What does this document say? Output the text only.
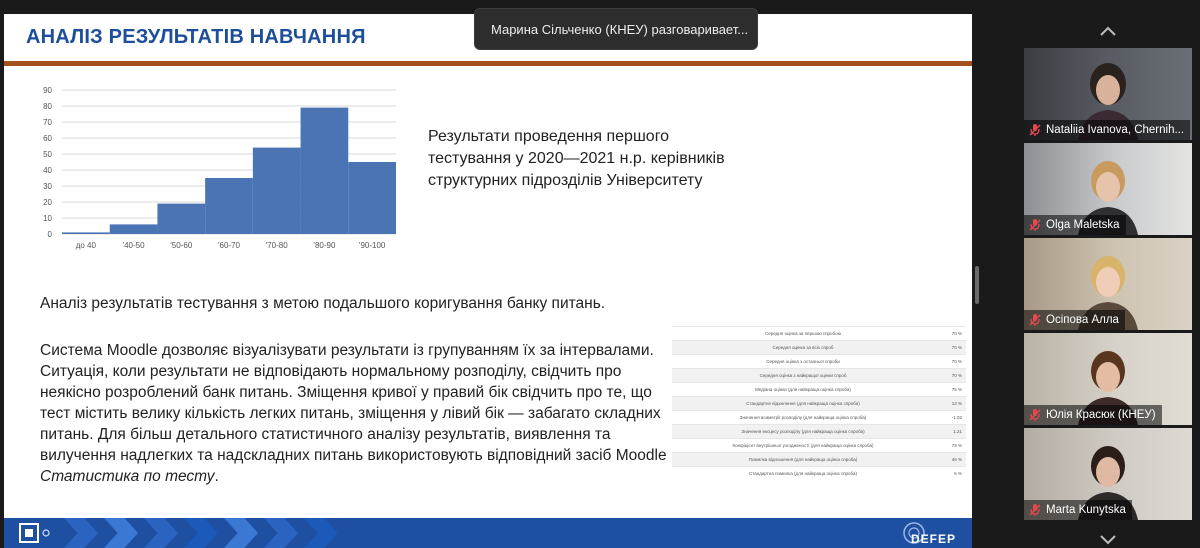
АНАЛІЗ РЕЗУЛЬТАТІВ НАВЧАННЯ
0
10
20
30
40
50
60
70
80
90
до 40	'40-50	'50-60	'60-70	'70-80	'80-90	'90-100
Результати проведення першого тестування у 2020—2021 н.р. керівників структурних підрозділів Університету
Аналіз результатів тестування з метою подальшого коригування банку питань.
Система Moodle дозволяє візуалізувати результати із групуванням їх за інтервалами. Ситуація, коли результати не відповідають нормальному розподілу, свідчить про неякісно розроблений банк питань. Зміщення кривої у правий бік свідчить про те, що тест містить велику кількість легких питань, зміщення у лівий бік — забагато складних питань. Для більш детального статистичного аналізу результатів, виявлення та вилучення надлегких та надскладних питань використовують відповідний засіб Moodle Статистика по тесту.
Середня оцінка за першою спробою	70 %
Середня оцінка за всіх спроб	70 %
Середня оцінка з останньої спроби	70 %
Середня оцінка з найкращої оцінки спроб	70 %
Медіана оцінки (для найкраща оцінка спроба)	75 %
Стандартне відхилення (для найкраща оцінка спроба)	13 %
Значення асиметрії розподілу (для найкраща оцінка спроба)	-1.02
Значення ексцесу розподілу (для найкраща оцінка спроба)	1.21
Коефіцієнт внутрішньої узгодженості (для найкраща оцінка спроба)	79 %
Помилка відношення (для найкраща оцінка спроба)	46 %
Стандартна помилка (для найкраща оцінка спроба)	6 %
DEFEP
Марина Сільченко (КНЕУ) разговаривает...
Nataliia Ivanova, Chernih...
Olga Maletska
Осіпова Алла
Юлія Красюк (КНЕУ)
Marta Kunytska
